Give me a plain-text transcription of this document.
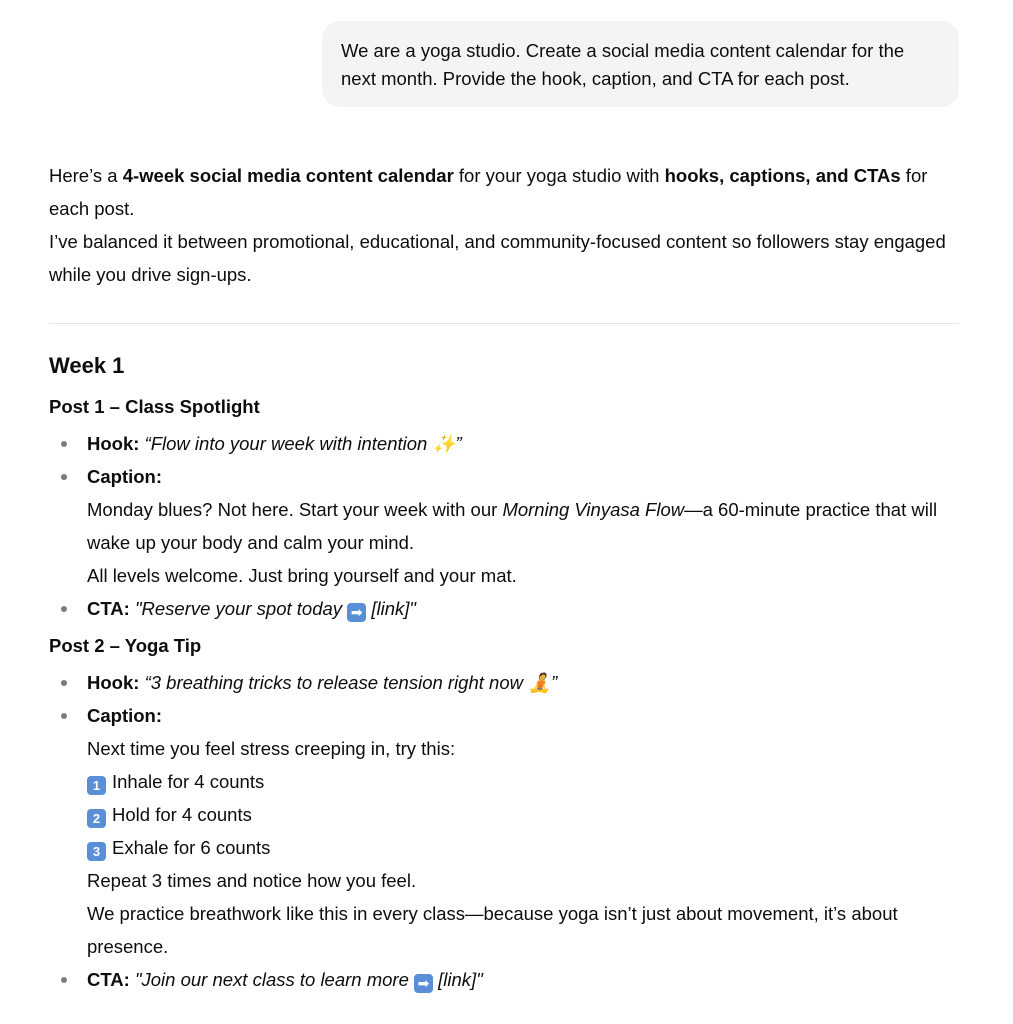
We are a yoga studio. Create a social media content calendar for the next month. Provide the hook, caption, and CTA for each post.

Here’s a 4-week social media content calendar for your yoga studio with hooks, captions, and CTAs for each post.

I’ve balanced it between promotional, educational, and community-focused content so followers stay engaged while you drive sign-ups.

Week 1
Post 1 – Class Spotlight
Hook: “Flow into your week with intention ✨”
Caption:
Monday blues? Not here. Start your week with our Morning Vinyasa Flow—a 60-minute practice that will wake up your body and calm your mind.
All levels welcome. Just bring yourself and your mat.
CTA: "Reserve your spot today ➡ [link]"
Post 2 – Yoga Tip
Hook: “3 breathing tricks to release tension right now 🧘”
Caption:
Next time you feel stress creeping in, try this:
1 Inhale for 4 counts
2 Hold for 4 counts
3 Exhale for 6 counts
Repeat 3 times and notice how you feel.
We practice breathwork like this in every class—because yoga isn’t just about movement, it’s about presence.
CTA: "Join our next class to learn more ➡ [link]"
